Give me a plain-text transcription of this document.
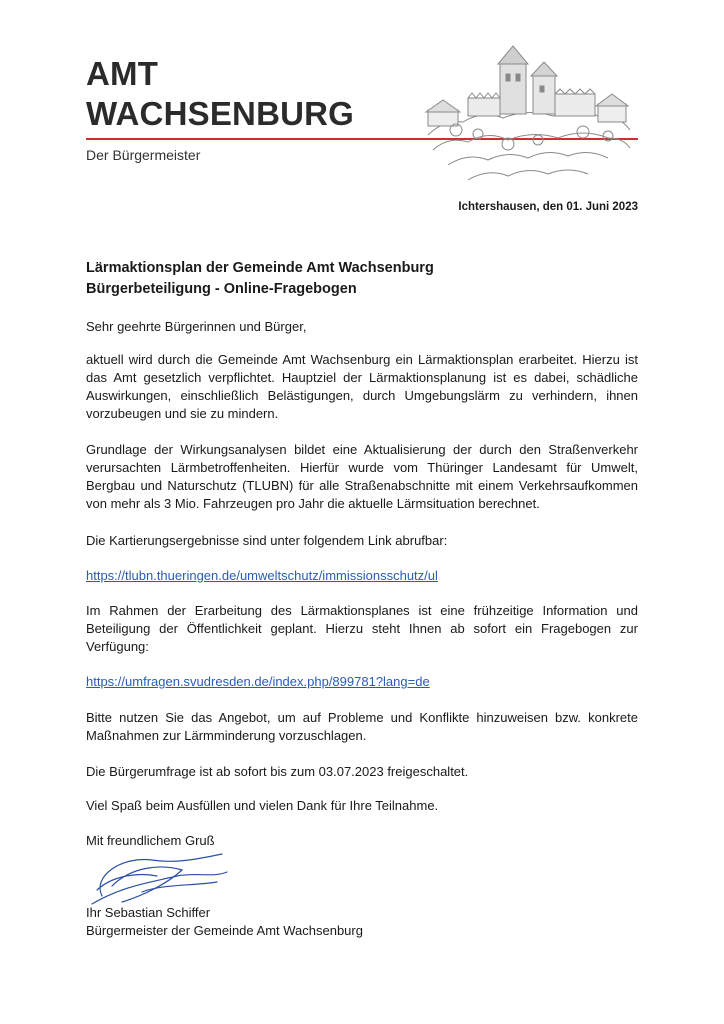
AMT
WACHSENBURG
Der Bürgermeister
Ichtershausen, den 01. Juni 2023
Lärmaktionsplan der Gemeinde Amt Wachsenburg
Bürgerbeteiligung - Online-Fragebogen
Sehr geehrte Bürgerinnen und Bürger,
aktuell wird durch die Gemeinde Amt Wachsenburg ein Lärmaktionsplan erarbeitet. Hierzu ist das Amt gesetzlich verpflichtet. Hauptziel der Lärmaktionsplanung ist es dabei, schädliche Auswirkungen, einschließlich Belästigungen, durch Umgebungslärm zu verhindern, ihnen vorzubeugen und sie zu mindern.
Grundlage der Wirkungsanalysen bildet eine Aktualisierung der durch den Straßenverkehr verursachten Lärmbetroffenheiten. Hierfür wurde vom Thüringer Landesamt für Umwelt, Bergbau und Naturschutz (TLUBN) für alle Straßenabschnitte mit einem Verkehrsaufkommen von mehr als 3 Mio. Fahrzeugen pro Jahr die aktuelle Lärmsituation berechnet.
Die Kartierungsergebnisse sind unter folgendem Link abrufbar:
https://tlubn.thueringen.de/umweltschutz/immissionsschutz/ul
Im Rahmen der Erarbeitung des Lärmaktionsplanes ist eine frühzeitige Information und Beteiligung der Öffentlichkeit geplant. Hierzu steht Ihnen ab sofort ein Fragebogen zur Verfügung:
https://umfragen.svudresden.de/index.php/899781?lang=de
Bitte nutzen Sie das Angebot, um auf Probleme und Konflikte hinzuweisen bzw. konkrete Maßnahmen zur Lärmminderung vorzuschlagen.
Die Bürgerumfrage ist ab sofort bis zum 03.07.2023 freigeschaltet.
Viel Spaß beim Ausfüllen und vielen Dank für Ihre Teilnahme.
Mit freundlichem Gruß
Ihr Sebastian Schiffer
Bürgermeister der Gemeinde Amt Wachsenburg
